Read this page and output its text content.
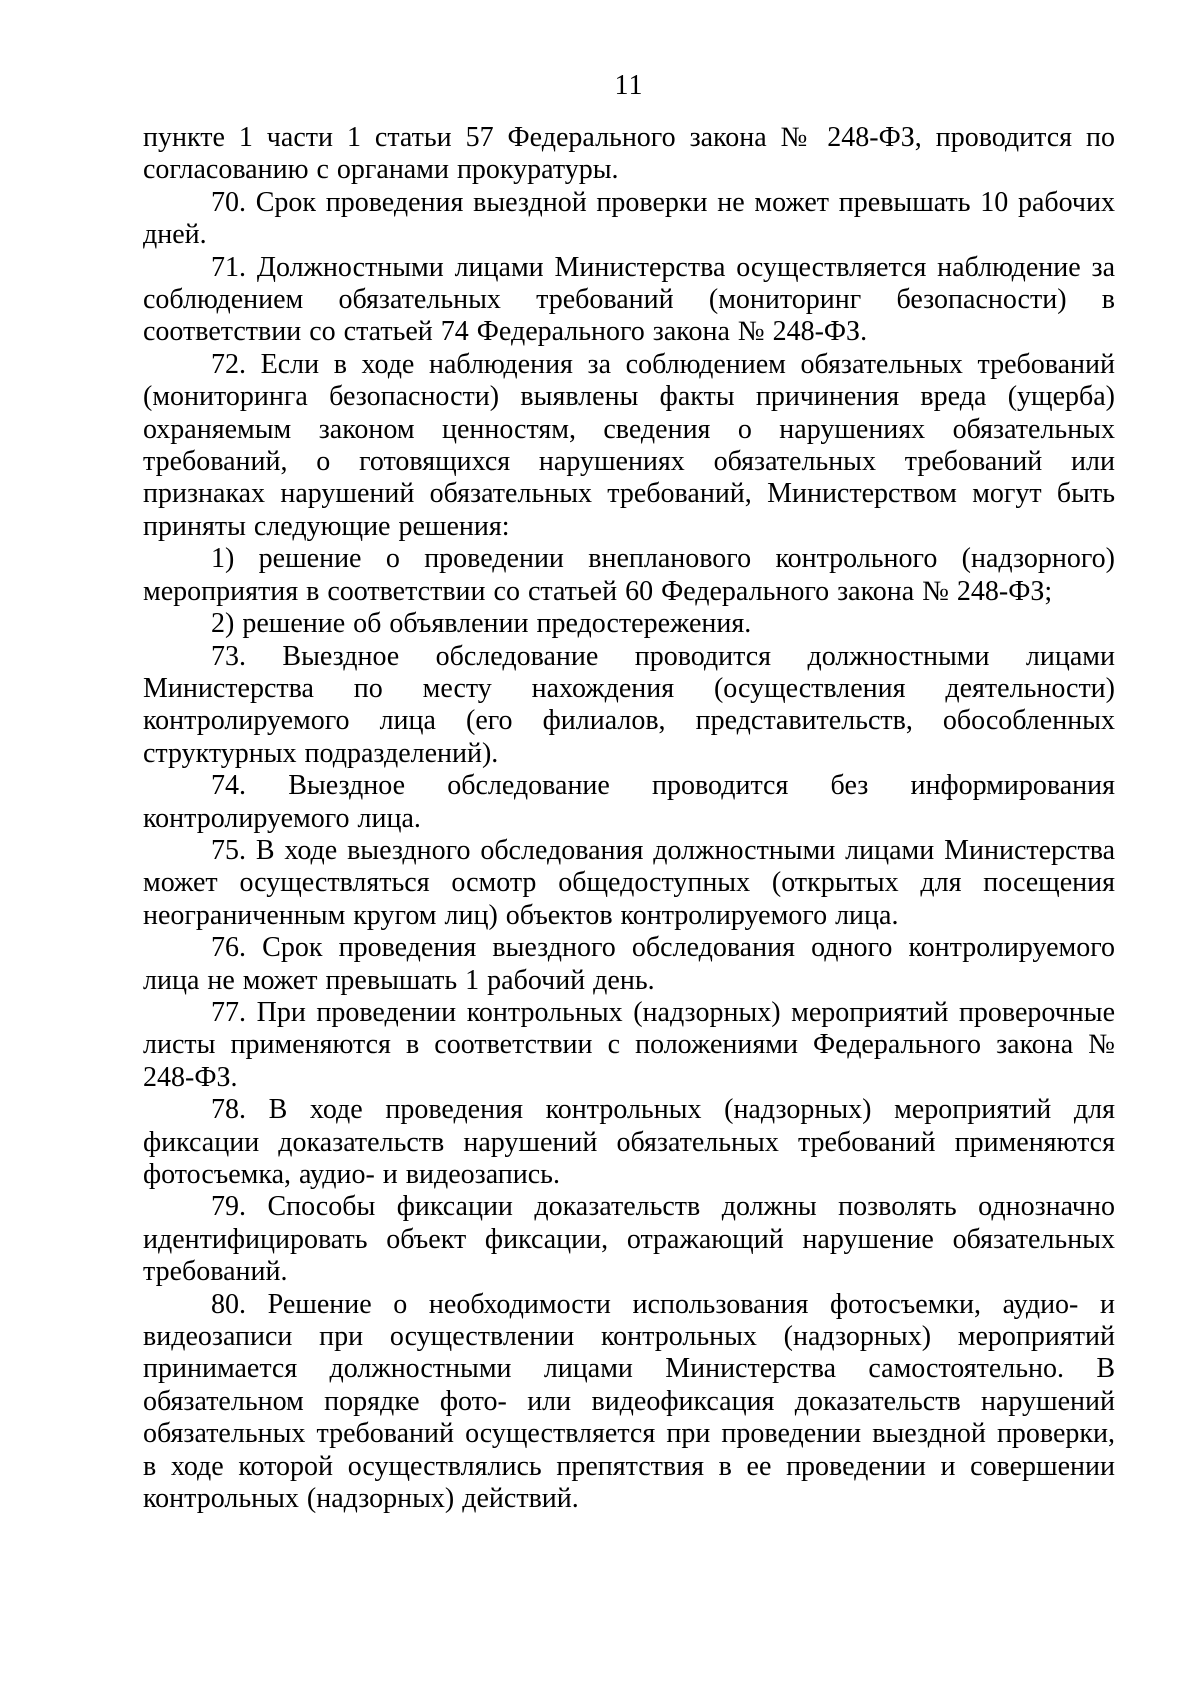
11

пункте 1 части 1 статьи 57 Федерального закона № 248-ФЗ, проводится по согласованию с органами прокуратуры.

70. Срок проведения выездной проверки не может превышать 10 рабочих дней.

71. Должностными лицами Министерства осуществляется наблюдение за соблюдением обязательных требований (мониторинг безопасности) в соответствии со статьей 74 Федерального закона № 248-ФЗ.

72. Если в ходе наблюдения за соблюдением обязательных требований (мониторинга безопасности) выявлены факты причинения вреда (ущерба) охраняемым законом ценностям, сведения о нарушениях обязательных требований, о готовящихся нарушениях обязательных требований или признаках нарушений обязательных требований, Министерством могут быть приняты следующие решения:

1) решение о проведении внепланового контрольного (надзорного) мероприятия в соответствии со статьей 60 Федерального закона № 248-ФЗ;

2) решение об объявлении предостережения.

73. Выездное обследование проводится должностными лицами Министерства по месту нахождения (осуществления деятельности) контролируемого лица (его филиалов, представительств, обособленных структурных подразделений).

74. Выездное обследование проводится без информирования контролируемого лица.

75. В ходе выездного обследования должностными лицами Министерства может осуществляться осмотр общедоступных (открытых для посещения неограниченным кругом лиц) объектов контролируемого лица.

76. Срок проведения выездного обследования одного контролируемого лица не может превышать 1 рабочий день.

77. При проведении контрольных (надзорных) мероприятий проверочные листы применяются в соответствии с положениями Федерального закона № 248-ФЗ.

78. В ходе проведения контрольных (надзорных) мероприятий для фиксации доказательств нарушений обязательных требований применяются фотосъемка, аудио- и видеозапись.

79. Способы фиксации доказательств должны позволять однозначно идентифицировать объект фиксации, отражающий нарушение обязательных требований.

80. Решение о необходимости использования фотосъемки, аудио- и видеозаписи при осуществлении контрольных (надзорных) мероприятий принимается должностными лицами Министерства самостоятельно. В обязательном порядке фото- или видеофиксация доказательств нарушений обязательных требований осуществляется при проведении выездной проверки, в ходе которой осуществлялись препятствия в ее проведении и совершении контрольных (надзорных) действий.
